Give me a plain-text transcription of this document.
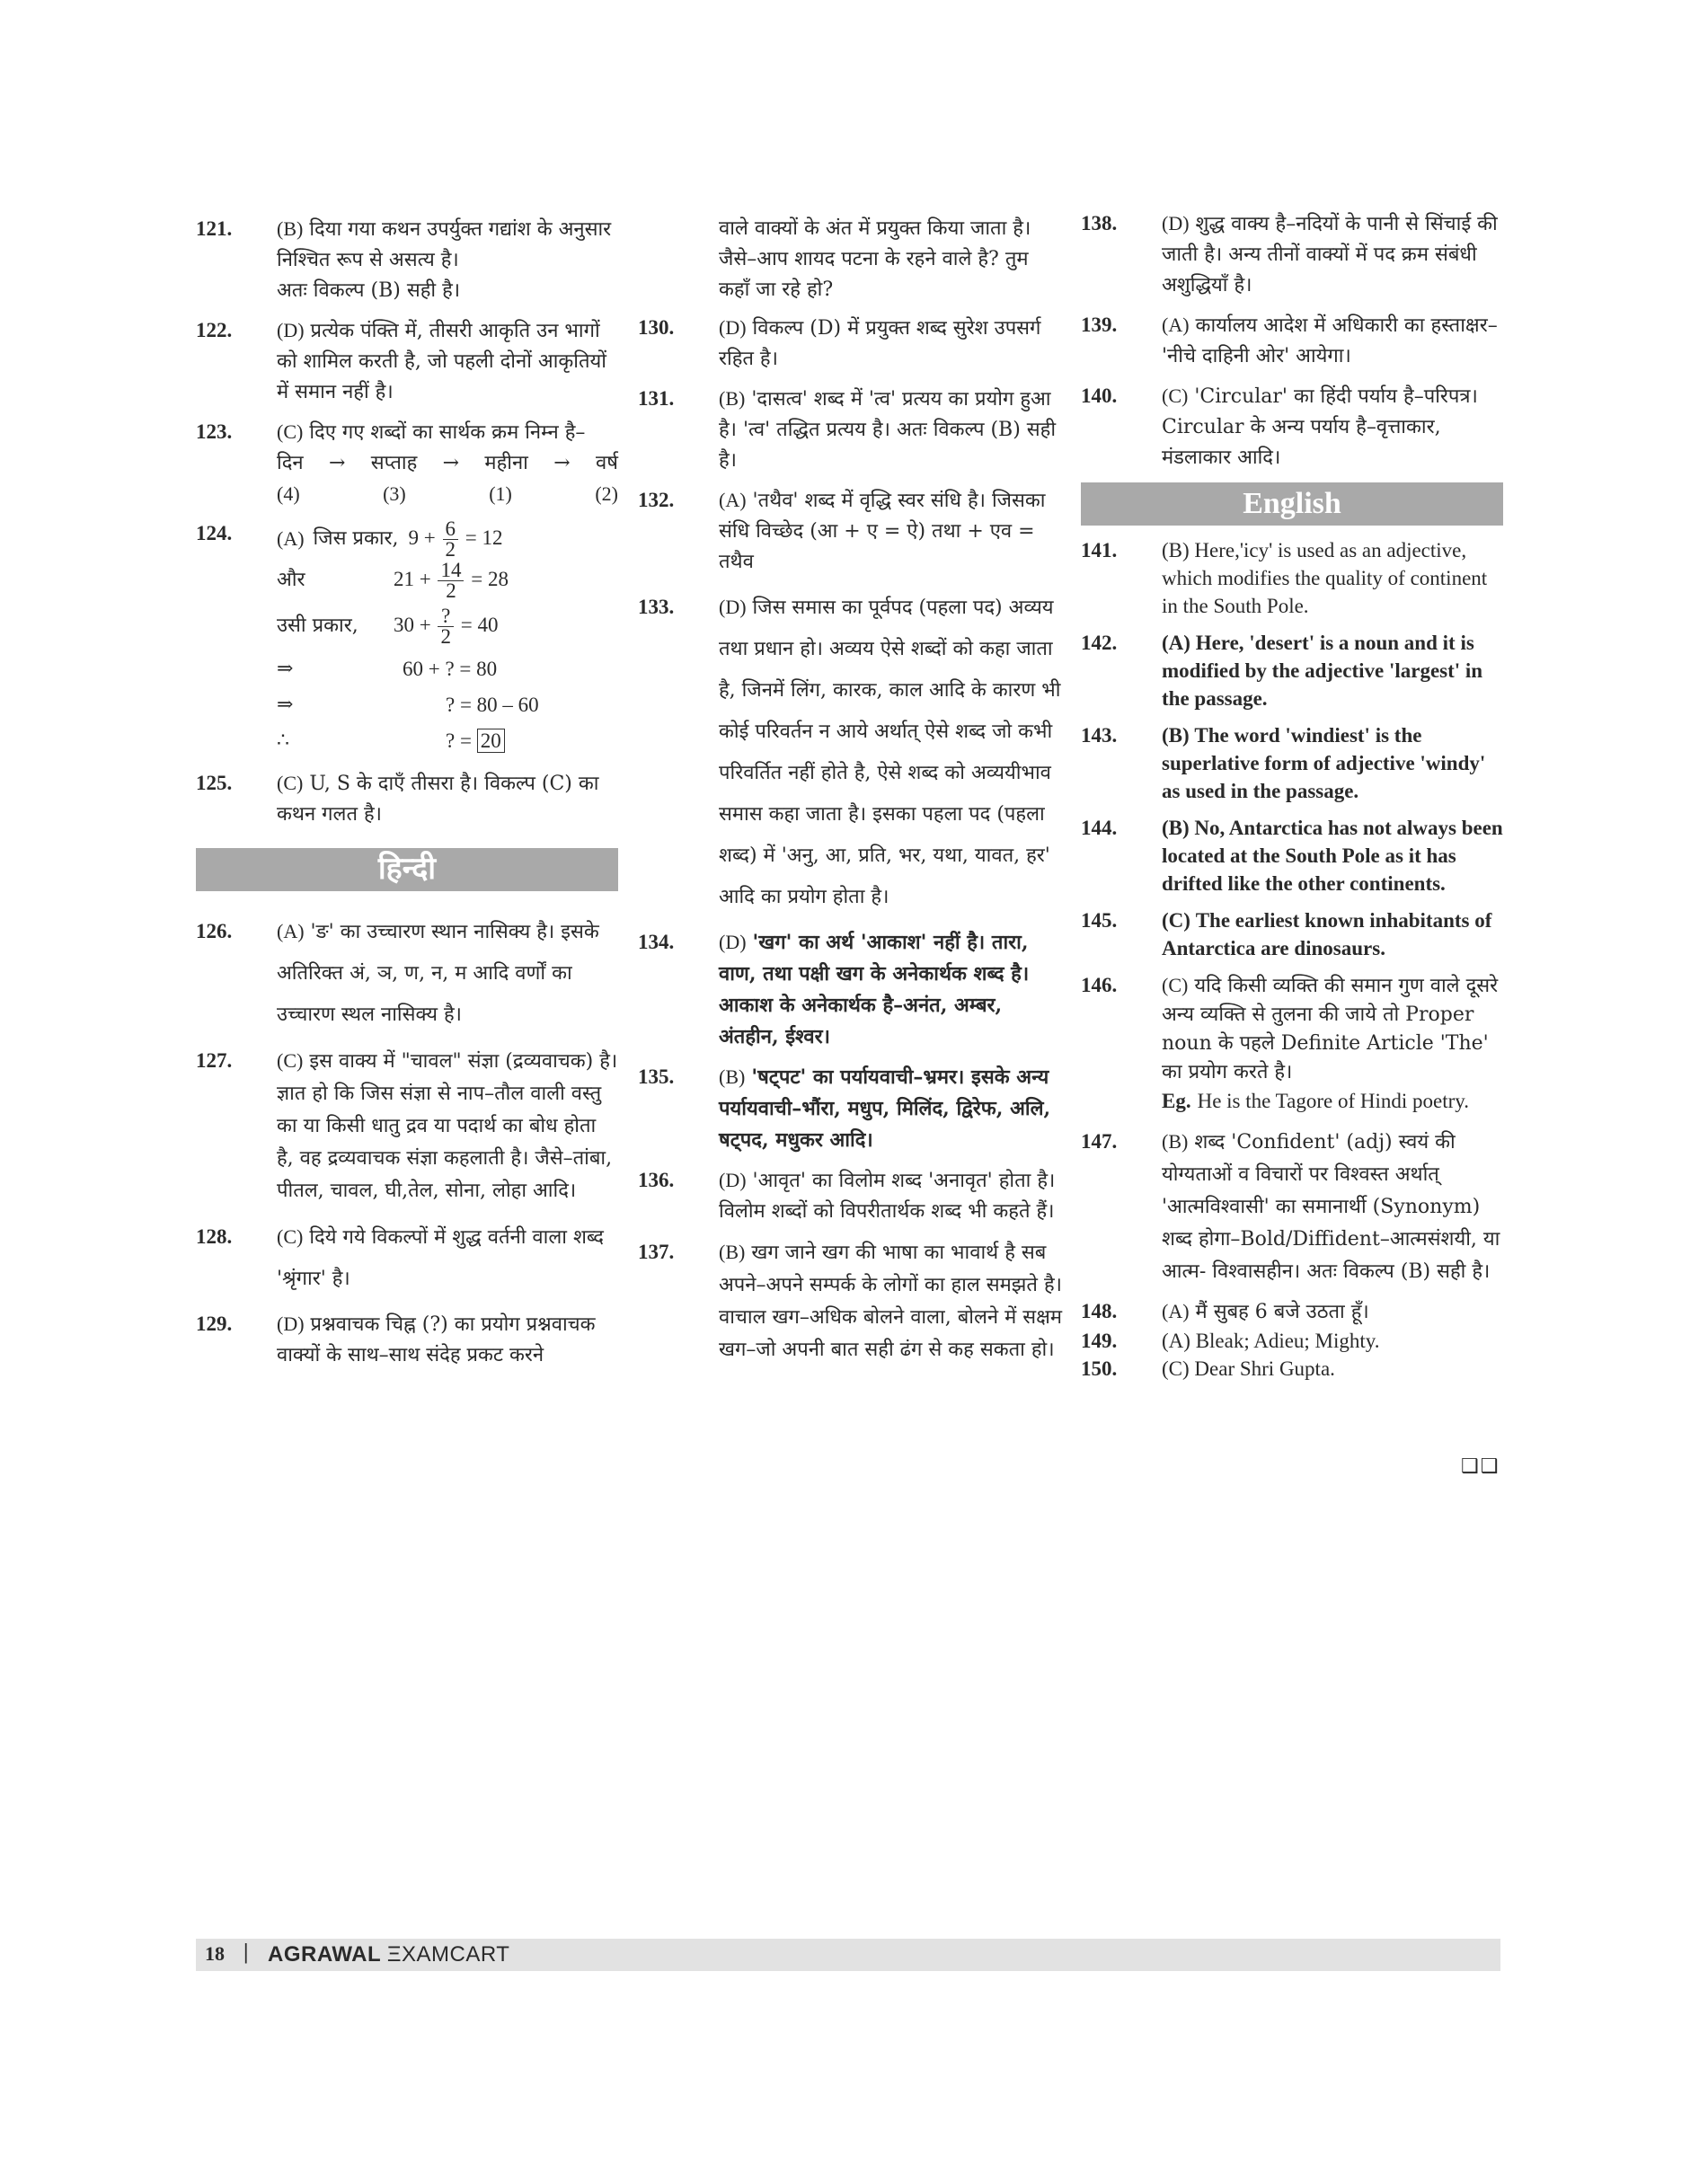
121. (B) दिया गया कथन उपर्युक्त गद्यांश के अनुसार निश्चित रूप से असत्य है।
अतः विकल्प (B) सही है।
122. (D) प्रत्येक पंक्ति में, तीसरी आकृति उन भागों को शामिल करती है, जो पहली दोनों आकृतियों में समान नहीं है।
123. (C) दिए गए शब्दों का सार्थक क्रम निम्न है–
दिन → सप्ताह → महीना → वर्ष
(4)	(3)	(1)	(2)
124. (A) जिस प्रकार, $9 + \frac{6}{2} = 12$
और	$21 + \frac{14}{2} = 28$
उसी प्रकार,	$30 + \frac{?}{2} = 40$
⇒	60 + ? = 80
⇒	? = 80 – 60
∴	? = 20
125. (C) U, S के दाएँ तीसरा है। विकल्प (C) का कथन गलत है।
हिन्दी
126. (A) 'ङ' का उच्चारण स्थान नासिक्य है। इसके अतिरिक्त अं, ञ, ण, न, म आदि वर्णों का उच्चारण स्थल नासिक्य है।
127. (C) इस वाक्य में "चावल" संज्ञा (द्रव्यवाचक) है। ज्ञात हो कि जिस संज्ञा से नाप–तौल वाली वस्तु का या किसी धातु द्रव या पदार्थ का बोध होता है, वह द्रव्यवाचक संज्ञा कहलाती है। जैसे–तांबा, पीतल, चावल, घी,तेल, सोना, लोहा आदि।
128. (C) दिये गये विकल्पों में शुद्ध वर्तनी वाला शब्द 'श्रृंगार' है।
129. (D) प्रश्नवाचक चिह्न (?) का प्रयोग प्रश्नवाचक वाक्यों के साथ–साथ संदेह प्रकट करने
वाले वाक्यों के अंत में प्रयुक्त किया जाता है। जैसे–आप शायद पटना के रहने वाले है? तुम कहाँ जा रहे हो?
130. (D) विकल्प (D) में प्रयुक्त शब्द सुरेश उपसर्ग रहित है।
131. (B) 'दासत्व' शब्द में 'त्व' प्रत्यय का प्रयोग हुआ है। 'त्व' तद्धित प्रत्यय है। अतः विकल्प (B) सही है।
132. (A) 'तथैव' शब्द में वृद्धि स्वर संधि है। जिसका संधि विच्छेद (आ + ए = ऐ) तथा + एव = तथैव
133. (D) जिस समास का पूर्वपद (पहला पद) अव्यय तथा प्रधान हो। अव्यय ऐसे शब्दों को कहा जाता है, जिनमें लिंग, कारक, काल आदि के कारण भी कोई परिवर्तन न आये अर्थात् ऐसे शब्द जो कभी परिवर्तित नहीं होते है, ऐसे शब्द को अव्ययीभाव समास कहा जाता है। इसका पहला पद (पहला शब्द) में 'अनु, आ, प्रति, भर, यथा, यावत, हर' आदि का प्रयोग होता है।
134. (D) 'खग' का अर्थ 'आकाश' नहीं है। तारा, वाण, तथा पक्षी खग के अनेकार्थक शब्द है। आकाश के अनेकार्थक है–अनंत, अम्बर, अंतहीन, ईश्वर।
135. (B) 'षट्पट' का पर्यायवाची–भ्रमर। इसके अन्य पर्यायवाची–भौंरा, मधुप, मिलिंद, द्विरेफ, अलि, षट्पद, मधुकर आदि।
136. (D) 'आवृत' का विलोम शब्द 'अनावृत' होता है। विलोम शब्दों को विपरीतार्थक शब्द भी कहते हैं।
137. (B) खग जाने खग की भाषा का भावार्थ है सब अपने–अपने सम्पर्क के लोगों का हाल समझते है। वाचाल खग–अधिक बोलने वाला, बोलने में सक्षम खग–जो अपनी बात सही ढंग से कह सकता हो।
138. (D) शुद्ध वाक्य है–नदियों के पानी से सिंचाई की जाती है। अन्य तीनों वाक्यों में पद क्रम संबंधी अशुद्धियाँ है।
139. (A) कार्यालय आदेश में अधिकारी का हस्ताक्षर– 'नीचे दाहिनी ओर' आयेगा।
140. (C) 'Circular' का हिंदी पर्याय है–परिपत्र। Circular के अन्य पर्याय है–वृत्ताकार, मंडलाकार आदि।
English
141. (B) Here,'icy' is used as an adjective, which modifies the quality of continent in the South Pole.
142. (A) Here, 'desert' is a noun and it is modified by the adjective 'largest' in the passage.
143. (B) The word 'windiest' is the superlative form of adjective 'windy' as used in the passage.
144. (B) No, Antarctica has not always been located at the South Pole as it has drifted like the other continents.
145. (C) The earliest known inhabitants of Antarctica are dinosaurs.
146. (C) यदि किसी व्यक्ति की समान गुण वाले दूसरे अन्य व्यक्ति से तुलना की जाये तो Proper noun के पहले Definite Article 'The' का प्रयोग करते है।
Eg. He is the Tagore of Hindi poetry.
147. (B) शब्द 'Confident' (adj) स्वयं की योग्यताओं व विचारों पर विश्वस्त अर्थात् 'आत्मविश्वासी' का समानार्थी (Synonym) शब्द होगा–Bold/Diffident–आत्मसंशयी, या आत्म- विश्वासहीन। अतः विकल्प (B) सही है।
148. (A) मैं सुबह 6 बजे उठता हूँ।
149. (A) Bleak; Adieu; Mighty.
150. (C) Dear Shri Gupta.
❑❑
18 | AGRAWAL ΞXAMCART
